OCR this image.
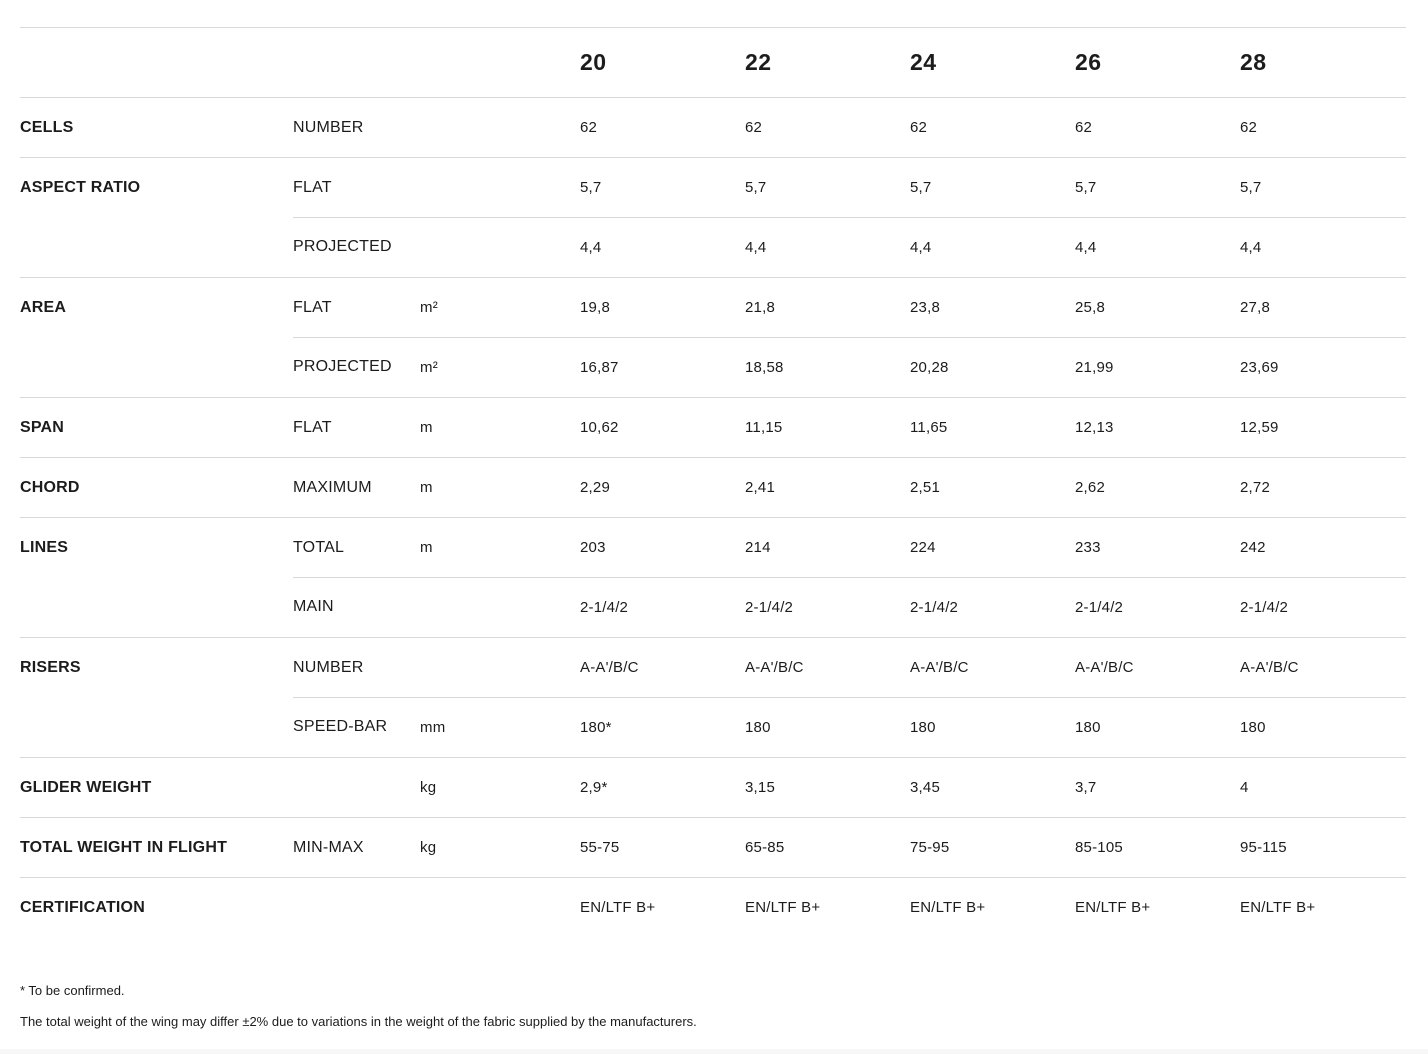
20	22	24	26	28
CELLS	NUMBER	62	62	62	62	62
ASPECT RATIO	FLAT	5,7	5,7	5,7	5,7	5,7
PROJECTED	4,4	4,4	4,4	4,4	4,4
AREA	FLAT	m²	19,8	21,8	23,8	25,8	27,8
PROJECTED m²	16,87	18,58	20,28	21,99	23,69
SPAN	FLAT	m	10,62	11,15	11,65	12,13	12,59
CHORD	MAXIMUM	m	2,29	2,41	2,51	2,62	2,72
LINES	TOTAL	m	203	214	224	233	242
MAIN	2-1/4/2	2-1/4/2	2-1/4/2	2-1/4/2	2-1/4/2
RISERS	NUMBER	A-A'/B/C	A-A'/B/C	A-A'/B/C	A-A'/B/C	A-A'/B/C
SPEED-BAR mm	180*	180	180	180	180
GLIDER WEIGHT	kg	2,9*	3,15	3,45	3,7	4
TOTAL WEIGHT IN FLIGHT	MIN-MAX	kg	55-75	65-85	75-95	85-105	95-115
CERTIFICATION	EN/LTF B+	EN/LTF B+	EN/LTF B+	EN/LTF B+	EN/LTF B+
* To be confirmed.
The total weight of the wing may differ ±2% due to variations in the weight of the fabric supplied by the manufacturers.
